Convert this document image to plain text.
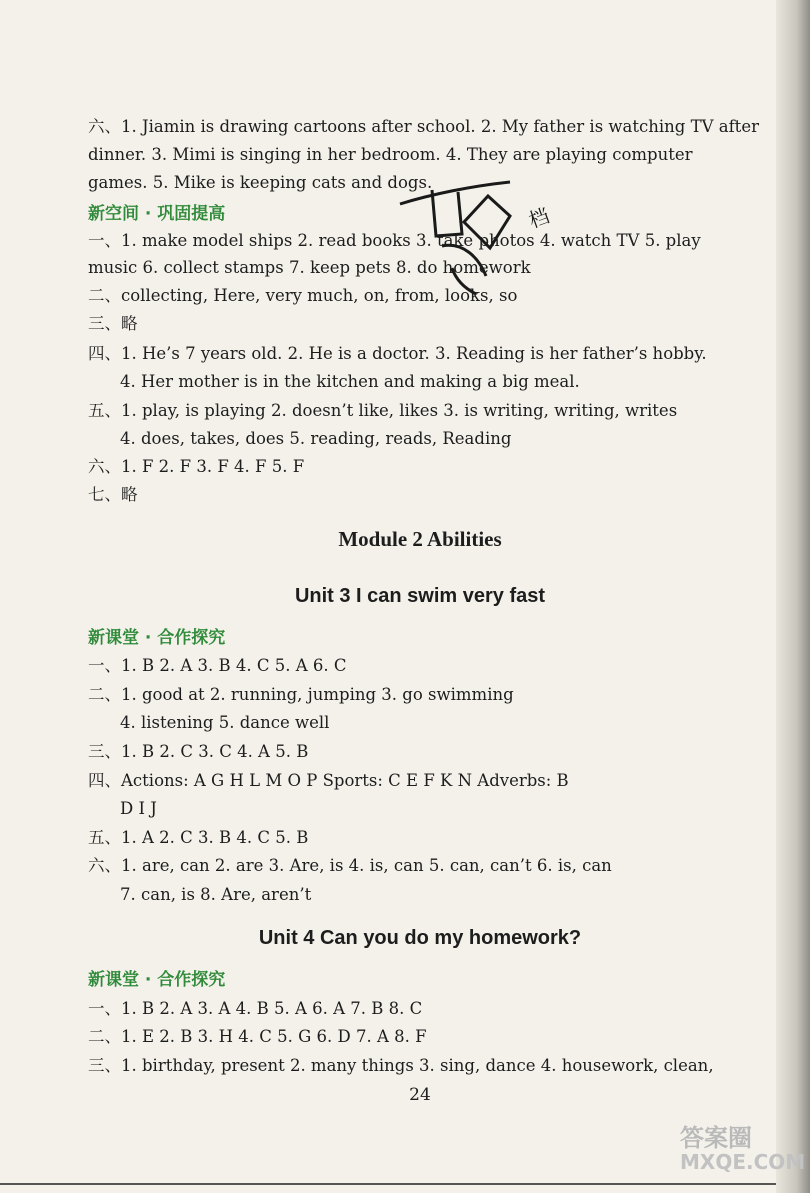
六、1. Jiamin is drawing cartoons after school. 2. My father is watching TV after
dinner. 3. Mimi is singing in her bedroom. 4. They are playing computer
games. 5. Mike is keeping cats and dogs.
新空间 · 巩固提高
一、1. make model ships 2. read books 3. take photos 4. watch TV 5. play
music 6. collect stamps 7. keep pets 8. do homework
二、collecting, Here, very much, on, from, looks, so
三、略
四、1. He’s 7 years old. 2. He is a doctor. 3. Reading is her father’s hobby.
4. Her mother is in the kitchen and making a big meal.
五、1. play, is playing 2. doesn’t like, likes 3. is writing, writing, writes
4. does, takes, does 5. reading, reads, Reading
六、1. F 2. F 3. F 4. F 5. F
七、略
Module 2 Abilities
Unit 3 I can swim very fast
新课堂 · 合作探究
一、1. B 2. A 3. B 4. C 5. A 6. C
二、1. good at 2. running, jumping 3. go swimming
4. listening 5. dance well
三、1. B 2. C 3. C 4. A 5. B
四、Actions: A G H L M O P Sports: C E F K N Adverbs: B
D I J
五、1. A 2. C 3. B 4. C 5. B
六、1. are, can 2. are 3. Are, is 4. is, can 5. can, can’t 6. is, can
7. can, is 8. Are, aren’t
Unit 4 Can you do my homework?
新课堂 · 合作探究
一、1. B 2. A 3. A 4. B 5. A 6. A 7. B 8. C
二、1. E 2. B 3. H 4. C 5. G 6. D 7. A 8. F
三、1. birthday, present 2. many things 3. sing, dance 4. housework, clean,
24
档
答案圈
MXQE.COM
